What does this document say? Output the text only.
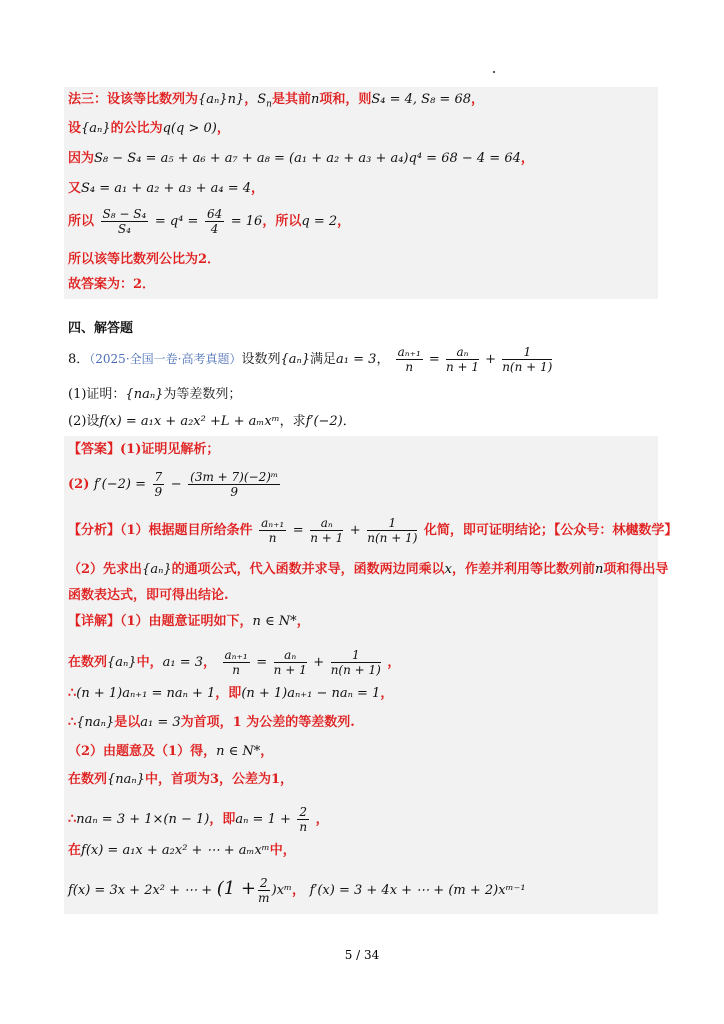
法三：设该等比数列为{aₙ}n}，$S_n$是其前n项和，则S₄ = 4, S₈ = 68，
设{aₙ}的公比为q(q > 0)，
因为S₈ − S₄ = a₅ + a₆ + a₇ + a₈ = (a₁ + a₂ + a₃ + a₄)q⁴ = 68 − 4 = 64，
又S₄ = a₁ + a₂ + a₃ + a₄ = 4，
所以 $\frac{\text{S₈ − S₄}}{\text{S₄}} = q^4 = \frac{64}{4} = 16$，所以q = 2，
所以该等比数列公比为2．
故答案为：2．
四、解答题
8．（2025·全国一卷·高考真题）设数列{aₙ}满足a₁ = 3， $\frac{\text{aₙ₊₁}}{n} = \frac{\text{aₙ}}{n + 1} + \frac{1}{n(n + 1)}$
(1)证明：{naₙ}为等差数列；
(2)设f(x) = a₁x + a₂x² +L + aₘxᵐ，求f′(−2)．
【答案】(1)证明见解析；
(2) $f'(-2) = \frac{7}{9} - \frac{\text{(3m + 7)(−2)ᵐ}}{9}$
【分析】（1）根据题目所给条件 $\frac{\text{aₙ₊₁}}{n} = \frac{\text{aₙ}}{n + 1} + \frac{1}{n(n + 1)}$ 化简，即可证明结论；【公众号：林樾数学】
（2）先求出{aₙ}的通项公式，代入函数并求导，函数两边同乘以x，作差并利用等比数列前n项和得出导
函数表达式，即可得出结论.
【详解】（1）由题意证明如下，n ∈ N*，
在数列{aₙ}中，a₁ = 3， $\frac{\text{aₙ₊₁}}{n} = \frac{\text{aₙ}}{n + 1} + \frac{1}{n(n + 1)}$ ，
∴(n + 1)aₙ₊₁ = naₙ + 1，即(n + 1)aₙ₊₁ − naₙ = 1，
∴{naₙ}是以a₁ = 3为首项，1 为公差的等差数列.
（2）由题意及（1）得，n ∈ N*，
在数列{naₙ}中，首项为3，公差为1，
∴naₙ = 3 + 1×(n − 1)，即$a_n = 1 + \frac{2}{n}$ ，
在f(x) = a₁x + a₂x² + ⋯ + aₘxᵐ中，
f(x) = 3x + 2x² + ⋯ + ($1 + \frac{2}{m}$ )xᵐ， f′(x) = 3 + 4x + ⋯ + (m + 2)xᵐ⁻¹
5 / 34
